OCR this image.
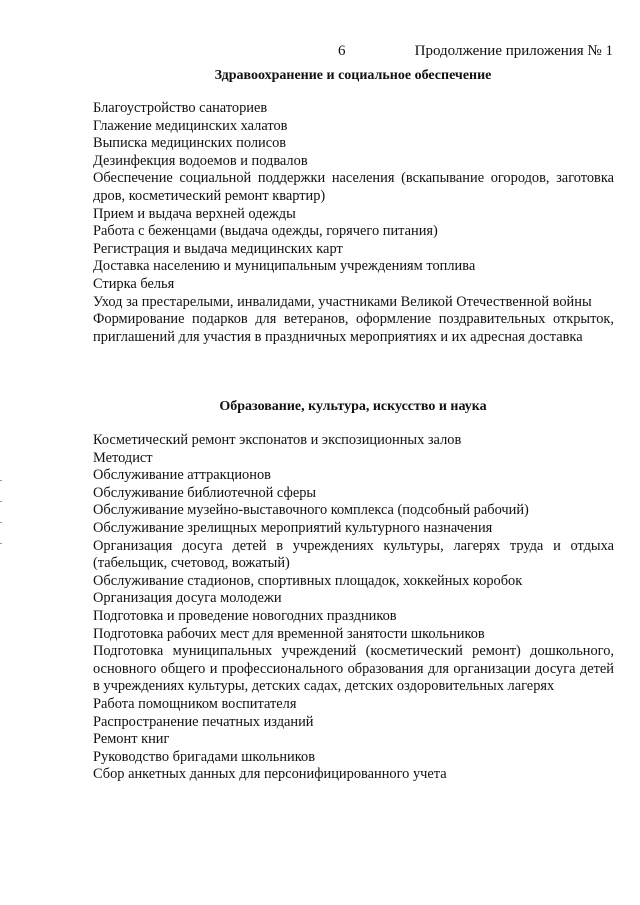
6	Продолжение приложения № 1
Здравоохранение и социальное обеспечение
Благоустройство санаториев
Глажение медицинских халатов
Выписка медицинских полисов
Дезинфекция водоемов и подвалов
Обеспечение социальной поддержки населения (вскапывание огородов, заготовка дров, косметический ремонт квартир)
Прием и выдача верхней одежды
Работа с беженцами (выдача одежды, горячего питания)
Регистрация и выдача медицинских карт
Доставка населению и муниципальным учреждениям топлива
Стирка белья
Уход за престарелыми, инвалидами, участниками Великой Отечественной войны
Формирование подарков для ветеранов, оформление поздравительных открыток, приглашений для участия в праздничных мероприятиях и их адресная доставка
Образование, культура, искусство и наука
Косметический ремонт экспонатов и экспозиционных залов
Методист
Обслуживание аттракционов
Обслуживание библиотечной сферы
Обслуживание музейно-выставочного комплекса (подсобный рабочий)
Обслуживание зрелищных мероприятий культурного назначения
Организация досуга детей в учреждениях культуры, лагерях труда и отдыха (табельщик, счетовод, вожатый)
Обслуживание стадионов, спортивных площадок, хоккейных коробок
Организация досуга молодежи
Подготовка и проведение новогодних праздников
Подготовка рабочих мест для временной занятости школьников
Подготовка муниципальных учреждений (косметический ремонт) дошкольного, основного общего и профессионального образования для организации досуга детей в учреждениях культуры, детских садах, детских оздоровительных лагерях
Работа помощником воспитателя
Распространение печатных изданий
Ремонт книг
Руководство бригадами школьников
Сбор анкетных данных для персонифицированного учета
